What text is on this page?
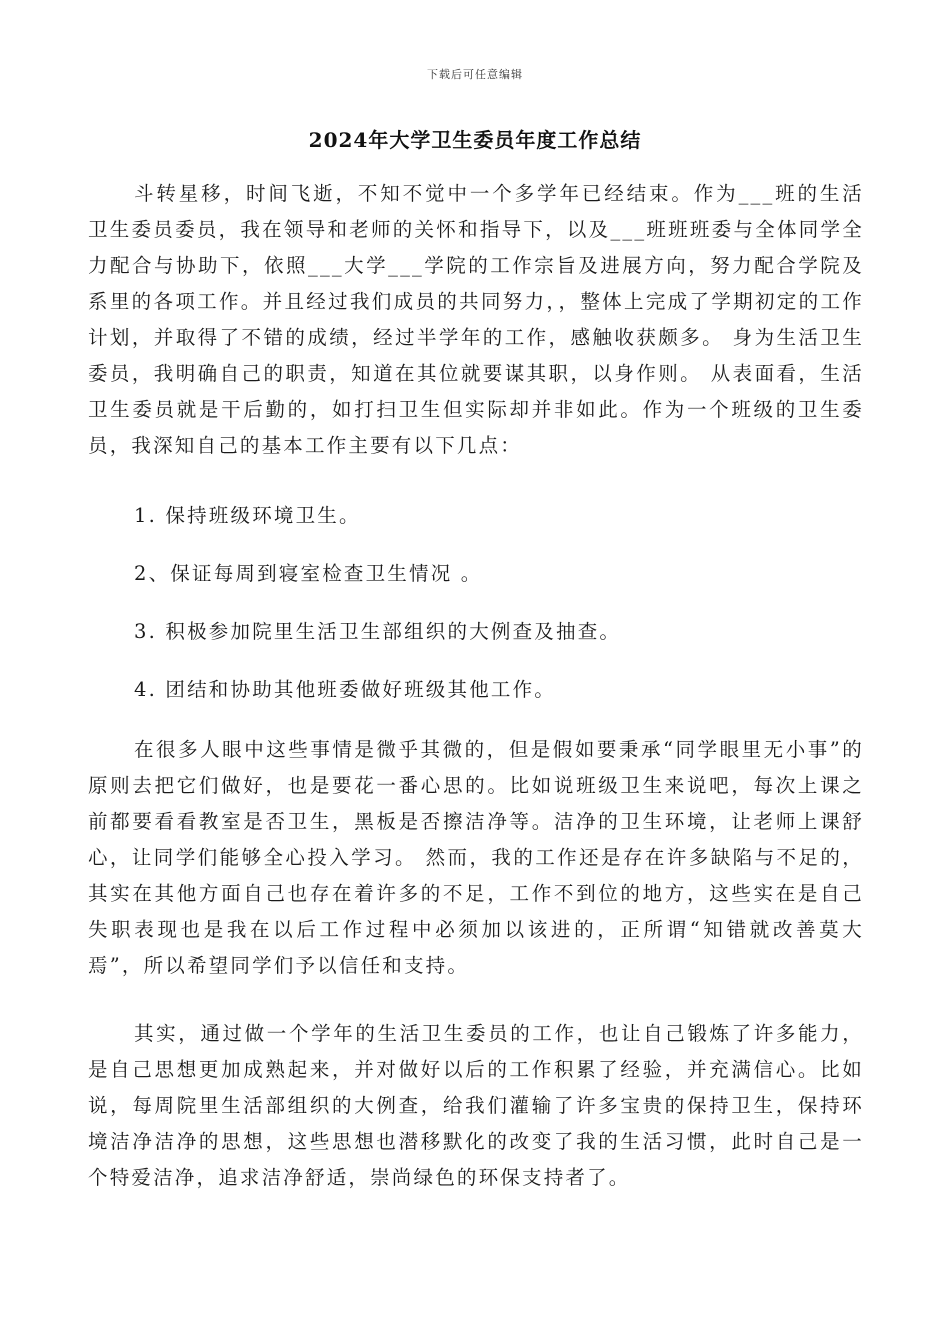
下载后可任意编辑
2024年大学卫生委员年度工作总结

斗转星移，时间飞逝，不知不觉中一个多学年已经结束。作为___班的生活卫生委员委员，我在领导和老师的关怀和指导下，以及___班班班委与全体同学全力配合与协助下，依照___大学___学院的工作宗旨及进展方向，努力配合学院及系里的各项工作。并且经过我们成员的共同努力，，整体上完成了学期初定的工作计划，并取得了不错的成绩，经过半学年的工作，感触收获颇多。 身为生活卫生委员，我明确自己的职责，知道在其位就要谋其职，以身作则。 从表面看，生活卫生委员就是干后勤的，如打扫卫生但实际却并非如此。作为一个班级的卫生委员，我深知自己的基本工作主要有以下几点：

1. 保持班级环境卫生。

2、保证每周到寝室检查卫生情况 。

3. 积极参加院里生活卫生部组织的大例查及抽查。

4. 团结和协助其他班委做好班级其他工作。

在很多人眼中这些事情是微乎其微的，但是假如要秉承“同学眼里无小事”的原则去把它们做好，也是要花一番心思的。比如说班级卫生来说吧，每次上课之前都要看看教室是否卫生，黑板是否擦洁净等。洁净的卫生环境，让老师上课舒心，让同学们能够全心投入学习。 然而，我的工作还是存在许多缺陷与不足的，其实在其他方面自己也存在着许多的不足，工作不到位的地方，这些实在是自己失职表现也是我在以后工作过程中必须加以该进的，正所谓“知错就改善莫大焉”，所以希望同学们予以信任和支持。

其实，通过做一个学年的生活卫生委员的工作，也让自己锻炼了许多能力，是自己思想更加成熟起来，并对做好以后的工作积累了经验，并充满信心。比如说，每周院里生活部组织的大例查，给我们灌输了许多宝贵的保持卫生，保持环境洁净洁净的思想，这些思想也潜移默化的改变了我的生活习惯，此时自己是一个特爱洁净，追求洁净舒适，崇尚绿色的环保支持者了。
